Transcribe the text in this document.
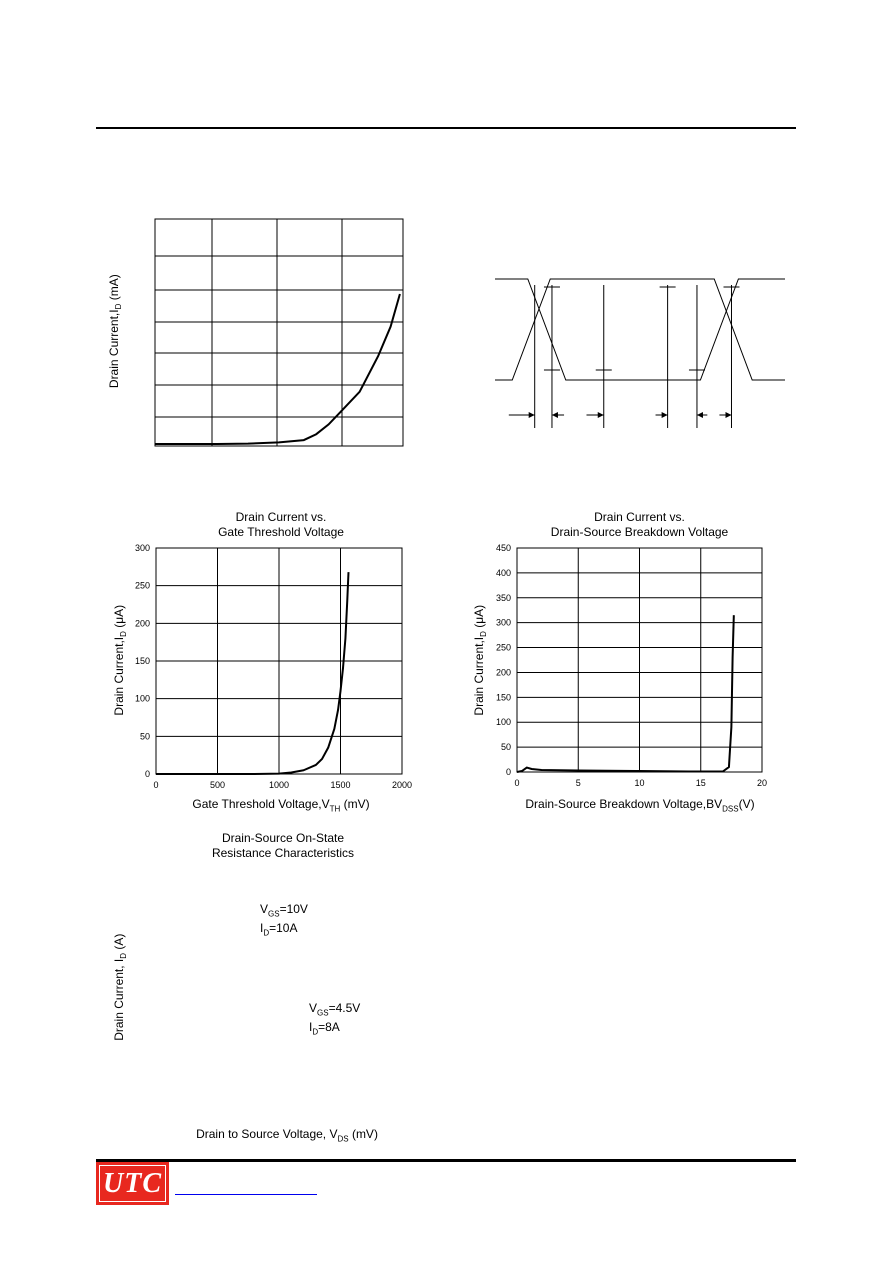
Drain $Current,I_D$ (mA)
Drain Current vs.
Gate Threshold Voltage
Drain $Current,I_D$ (μA)
Gate Threshold $Voltage,V_{TH}$ (mV)
0
50
100
150
200
250
300
0	500	1000	1500	2000
Drain Current vs.
Drain-Source Breakdown Voltage
Drain $Current,I_D$ (μA)
Drain-Source Breakdown $Voltage,BV_{DSS}(V)$
0
50
100
150
200
250
300
350
400
450
0	5	10	15	20
Drain-Source On-State
Resistance Characteristics
Drain Current, $I_D$ (A)
Drain to Source Voltage, $V_{DS}$ (mV)
$V_{GS}=10V$
$I_D=10A$
$V_{GS}=4.5V$
$I_D=8A$
0
2
4
6
8
10
12
0	50	100	150	200
UTC
